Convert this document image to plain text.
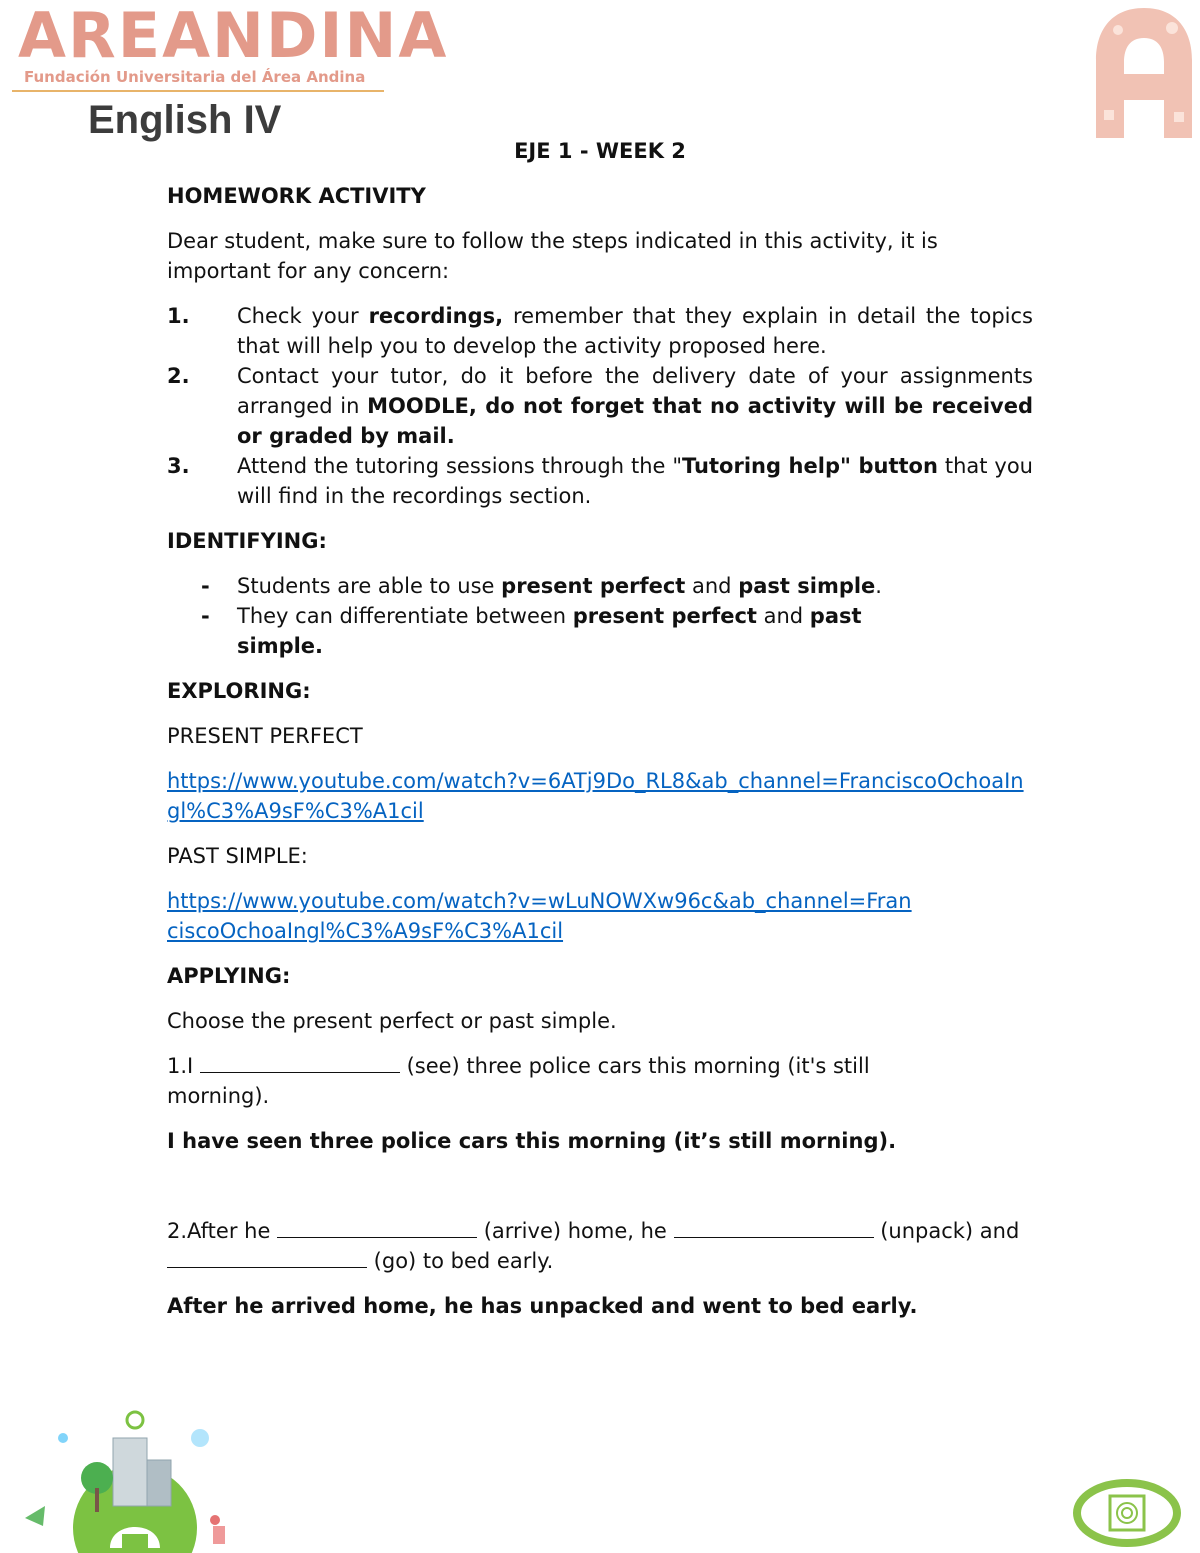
AREANDINA
Fundación Universitaria del Área Andina
English IV
EJE 1 - WEEK 2
HOMEWORK ACTIVITY
Dear student, make sure to follow the steps indicated in this activity, it is important for any concern:
1. Check your recordings, remember that they explain in detail the topics that will help you to develop the activity proposed here.
2. Contact your tutor, do it before the delivery date of your assignments arranged in MOODLE, do not forget that no activity will be received or graded by mail.
3. Attend the tutoring sessions through the "Tutoring help" button that you will find in the recordings section.
IDENTIFYING:
- Students are able to use present perfect and past simple.
- They can differentiate between present perfect and past simple.
EXPLORING:
PRESENT PERFECT
https://www.youtube.com/watch?v=6ATj9Do_RL8&ab_channel=FranciscoOchoaIngl%C3%A9sF%C3%A1cil
PAST SIMPLE:
https://www.youtube.com/watch?v=wLuNOWXw96c&ab_channel=FranciscoOchoaIngl%C3%A9sF%C3%A1cil
APPLYING:
Choose the present perfect or past simple.
1.I	(see) three police cars this morning (it's still morning).
I have seen three police cars this morning (it’s still morning).
2.After he	(arrive) home, he	(unpack) and  (go) to bed early.
After he arrived home, he has unpacked and went to bed early.
